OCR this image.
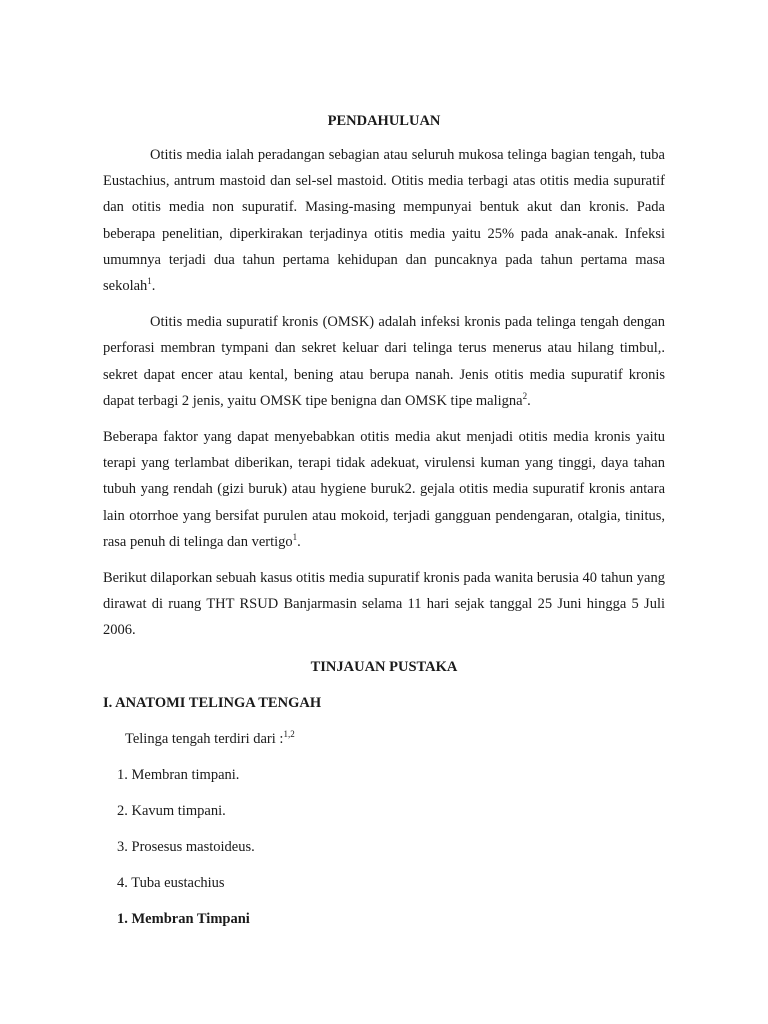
PENDAHULUAN

Otitis media ialah peradangan sebagian atau seluruh mukosa telinga bagian tengah, tuba Eustachius, antrum mastoid dan sel-sel mastoid. Otitis media terbagi atas otitis media supuratif dan otitis media non supuratif. Masing-masing mempunyai bentuk akut dan kronis. Pada beberapa penelitian, diperkirakan terjadinya otitis media yaitu 25% pada anak-anak. Infeksi umumnya terjadi dua tahun pertama kehidupan dan puncaknya pada tahun pertama masa sekolah$^1$.

Otitis media supuratif kronis (OMSK) adalah infeksi kronis pada telinga tengah dengan perforasi membran tympani dan sekret keluar dari telinga terus menerus atau hilang timbul,. sekret dapat encer atau kental, bening atau berupa nanah. Jenis otitis media supuratif kronis dapat terbagi 2 jenis, yaitu OMSK tipe benigna dan OMSK tipe maligna$^2$.

Beberapa faktor yang dapat menyebabkan otitis media akut menjadi otitis media kronis yaitu terapi yang terlambat diberikan, terapi tidak adekuat, virulensi kuman yang tinggi, daya tahan tubuh yang rendah (gizi buruk) atau hygiene buruk2. gejala otitis media supuratif kronis antara lain otorrhoe yang bersifat purulen atau mokoid, terjadi gangguan pendengaran, otalgia, tinitus, rasa penuh di telinga dan vertigo$^1$.

Berikut dilaporkan sebuah kasus otitis media supuratif kronis pada wanita berusia 40 tahun yang dirawat di ruang THT RSUD Banjarmasin selama 11 hari sejak tanggal 25 Juni hingga 5 Juli 2006.

TINJAUAN PUSTAKA

I. ANATOMI TELINGA TENGAH

Telinga tengah terdiri dari :$^{1,2}$

1. Membran timpani.

2. Kavum timpani.

3. Prosesus mastoideus.

4. Tuba eustachius

1. Membran Timpani
